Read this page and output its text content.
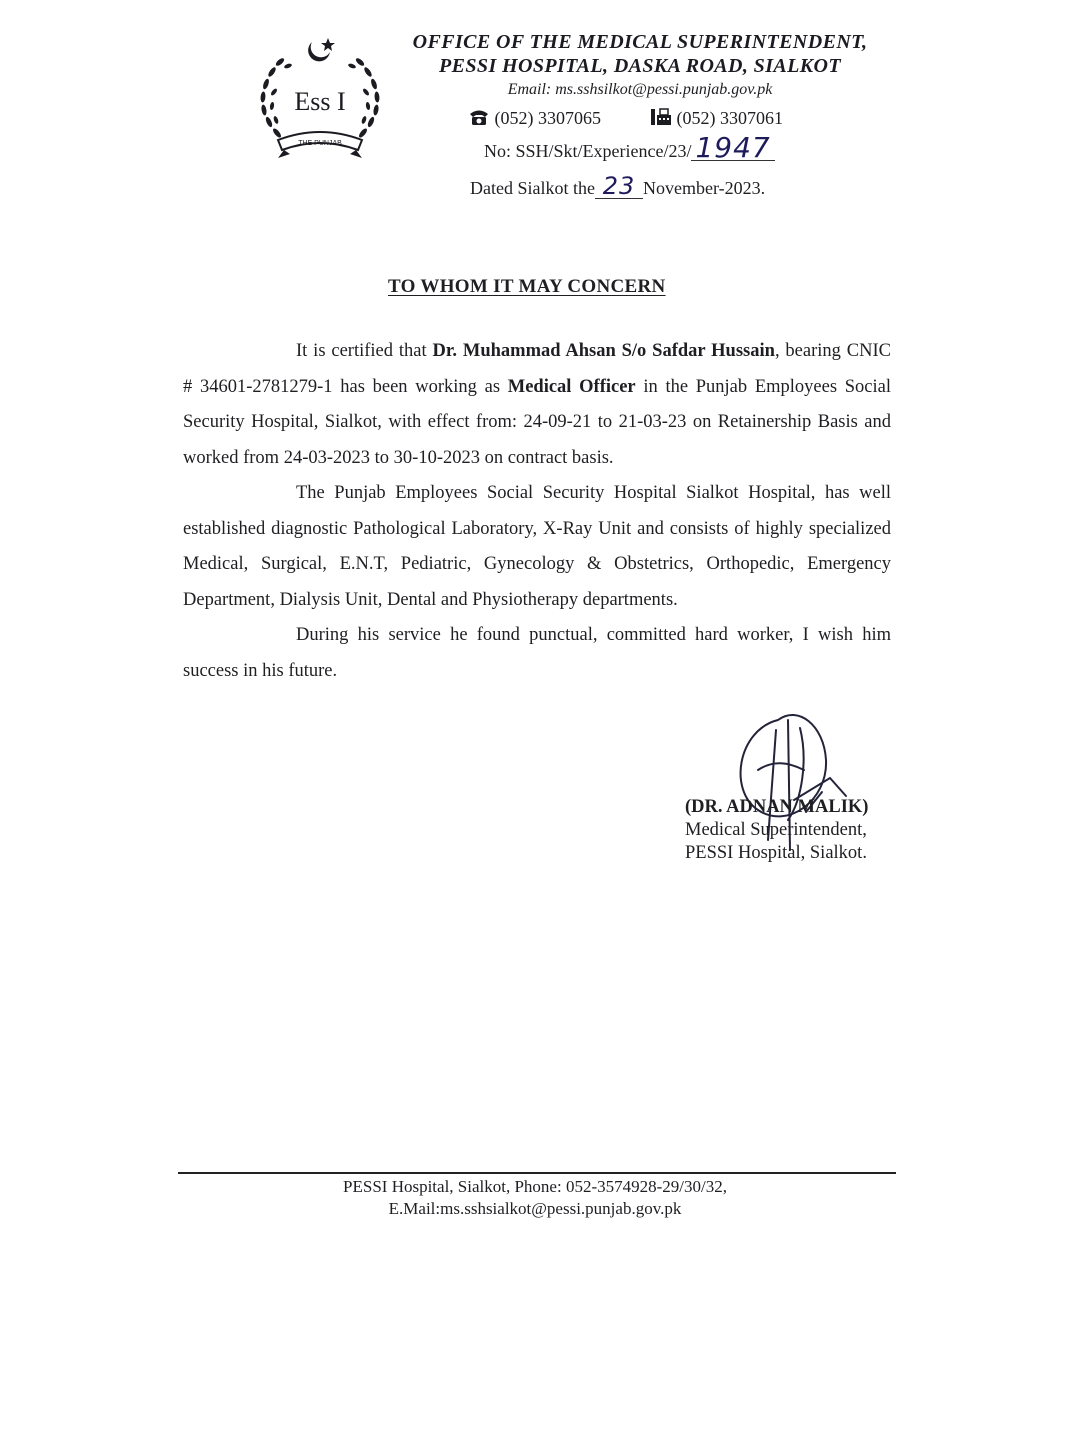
Ess I
THE PUNJAB
OFFICE OF THE MEDICAL SUPERINTENDENT,
PESSI HOSPITAL, DASKA ROAD, SIALKOT
Email: ms.sshsilkot@pessi.punjab.gov.pk
(052) 3307065	(052) 3307061
No: SSH/Skt/Experience/23/ 1947
Dated Sialkot the 23 November-2023.
TO WHOM IT MAY CONCERN

It is certified that Dr. Muhammad Ahsan S/o Safdar Hussain, bearing CNIC # 34601-2781279-1 has been working as Medical Officer in the Punjab Employees Social Security Hospital, Sialkot, with effect from: 24-09-21 to 21-03-23 on Retainership Basis and worked from 24-03-2023 to 30-10-2023 on contract basis.

The Punjab Employees Social Security Hospital Sialkot Hospital, has well established diagnostic Pathological Laboratory, X-Ray Unit and consists of highly specialized Medical, Surgical, E.N.T, Pediatric, Gynecology & Obstetrics, Orthopedic, Emergency Department, Dialysis Unit, Dental and Physiotherapy departments.

During his service he found punctual, committed hard worker, I wish him success in his future.

(DR. ADNAN MALIK)
Medical Superintendent,
PESSI Hospital, Sialkot.
PESSI Hospital, Sialkot, Phone: 052-3574928-29/30/32,
E.Mail:ms.sshsialkot@pessi.punjab.gov.pk
